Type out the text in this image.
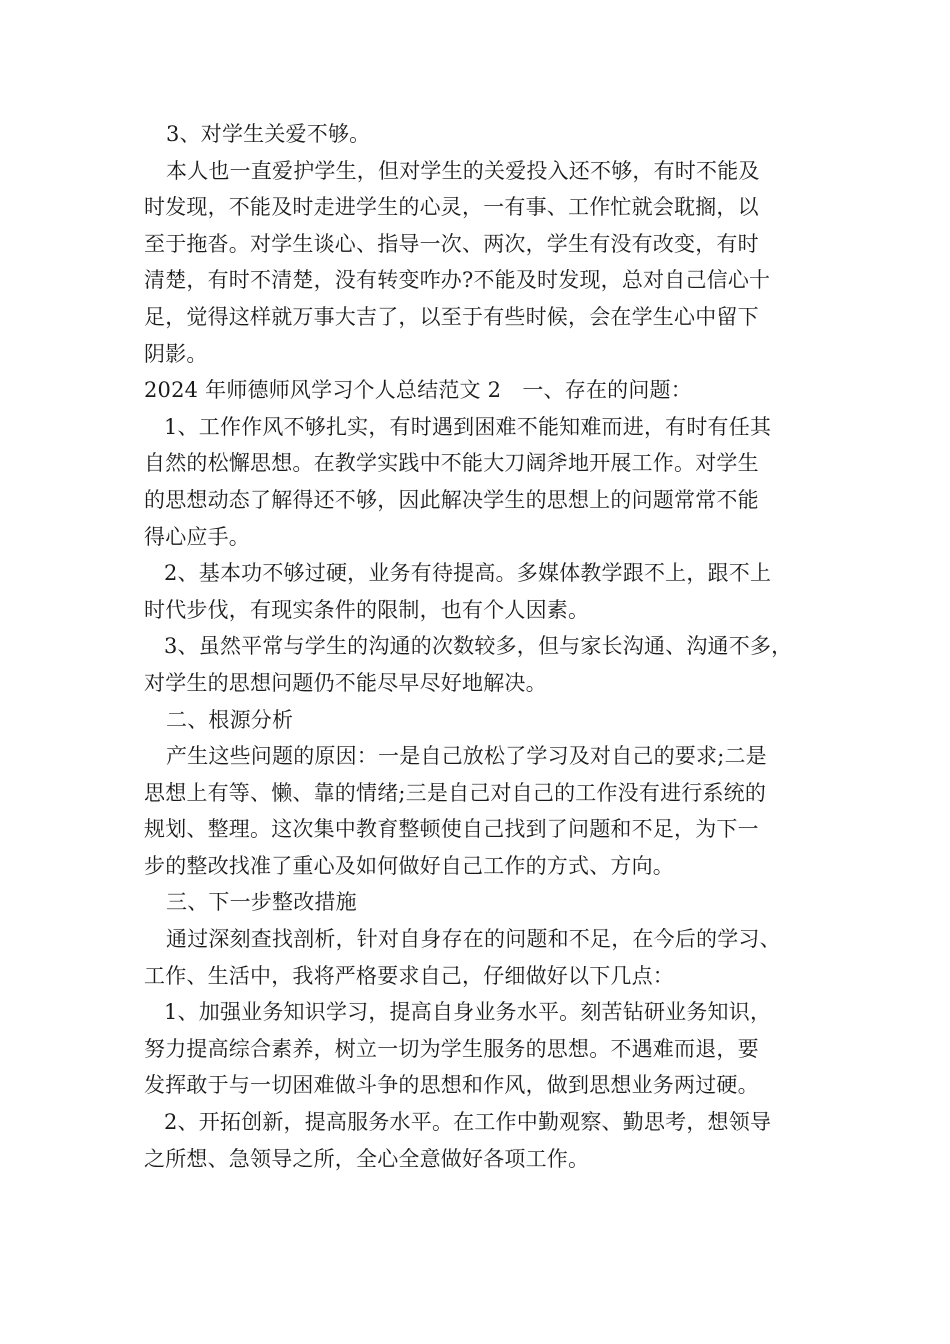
3、对学生关爱不够。

本人也一直爱护学生，但对学生的关爱投入还不够，有时不能及

时发现，不能及时走进学生的心灵，一有事、工作忙就会耽搁，以

至于拖沓。对学生谈心、指导一次、两次，学生有没有改变，有时

清楚，有时不清楚，没有转变咋办?不能及时发现，总对自己信心十

足，觉得这样就万事大吉了，以至于有些时候，会在学生心中留下

阴影。

2024 年师德师风学习个人总结范文 2　一、存在的问题：

1、工作作风不够扎实，有时遇到困难不能知难而进，有时有任其

自然的松懈思想。在教学实践中不能大刀阔斧地开展工作。对学生

的思想动态了解得还不够，因此解决学生的思想上的问题常常不能

得心应手。

2、基本功不够过硬，业务有待提高。多媒体教学跟不上，跟不上

时代步伐，有现实条件的限制，也有个人因素。

3、虽然平常与学生的沟通的次数较多，但与家长沟通、沟通不多，

对学生的思想问题仍不能尽早尽好地解决。

二、根源分析

产生这些问题的原因：一是自己放松了学习及对自己的要求;二是

思想上有等、懒、靠的情绪;三是自己对自己的工作没有进行系统的

规划、整理。这次集中教育整顿使自己找到了问题和不足，为下一

步的整改找准了重心及如何做好自己工作的方式、方向。

三、下一步整改措施

通过深刻查找剖析，针对自身存在的问题和不足，在今后的学习、

工作、生活中，我将严格要求自己，仔细做好以下几点：

1、加强业务知识学习，提高自身业务水平。刻苦钻研业务知识，

努力提高综合素养，树立一切为学生服务的思想。不遇难而退，要

发挥敢于与一切困难做斗争的思想和作风，做到思想业务两过硬。

2、开拓创新，提高服务水平。在工作中勤观察、勤思考，想领导

之所想、急领导之所，全心全意做好各项工作。
